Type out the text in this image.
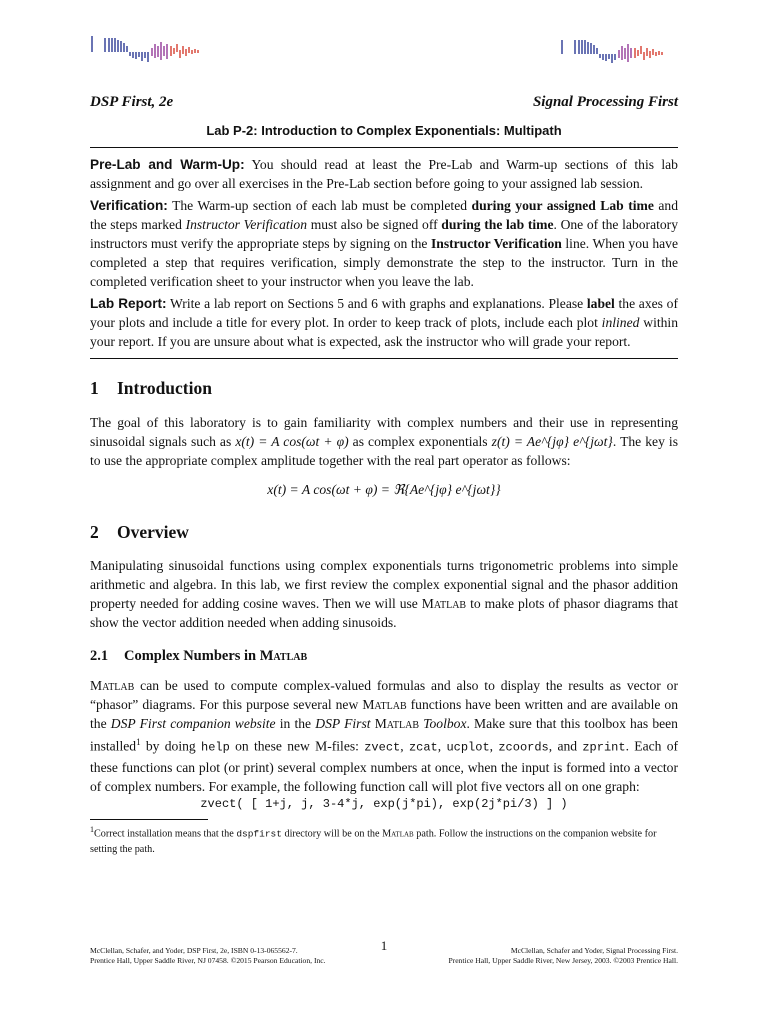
DSP First, 2e	Signal Processing First
Lab P-2: Introduction to Complex Exponentials: Multipath
Pre-Lab and Warm-Up: You should read at least the Pre-Lab and Warm-up sections of this lab assignment and go over all exercises in the Pre-Lab section before going to your assigned lab session.
Verification: The Warm-up section of each lab must be completed during your assigned Lab time and the steps marked Instructor Verification must also be signed off during the lab time. One of the laboratory instructors must verify the appropriate steps by signing on the Instructor Verification line. When you have completed a step that requires verification, simply demonstrate the step to the instructor. Turn in the completed verification sheet to your instructor when you leave the lab.
Lab Report: Write a lab report on Sections 5 and 6 with graphs and explanations. Please label the axes of your plots and include a title for every plot. In order to keep track of plots, include each plot inlined within your report. If you are unsure about what is expected, ask the instructor who will grade your report.
1 Introduction
The goal of this laboratory is to gain familiarity with complex numbers and their use in representing sinusoidal signals such as x(t) = A cos(ωt + φ) as complex exponentials z(t) = Ae^{jφ} e^{jωt}. The key is to use the appropriate complex amplitude together with the real part operator as follows:
x(t) = A cos(ωt + φ) = ℜ{Ae^{jφ} e^{jωt}}
2 Overview
Manipulating sinusoidal functions using complex exponentials turns trigonometric problems into simple arithmetic and algebra. In this lab, we first review the complex exponential signal and the phasor addition property needed for adding cosine waves. Then we will use Matlab to make plots of phasor diagrams that show the vector addition needed when adding sinusoids.
2.1 Complex Numbers in Matlab
Matlab can be used to compute complex-valued formulas and also to display the results as vector or “phasor” diagrams. For this purpose several new Matlab functions have been written and are available on the DSP First companion website in the DSP First Matlab Toolbox. Make sure that this toolbox has been installed$^1$ by doing help on these new M-files: zvect, zcat, ucplot, zcoords, and zprint. Each of these functions can plot (or print) several complex numbers at once, when the input is formed into a vector of complex numbers. For example, the following function call will plot five vectors all on one graph:
zvect( [ 1+j, j, 3-4*j, exp(j*pi), exp(2j*pi/3) ] )
$^1$Correct installation means that the dspfirst directory will be on the Matlab path. Follow the instructions on the companion website for setting the path.
McClellan, Schafer, and Yoder, DSP First, 2e, ISBN 0-13-065562-7.
Prentice Hall, Upper Saddle River, NJ 07458. ©2015 Pearson Education, Inc.
1	McClellan, Schafer and Yoder, Signal Processing First.
Prentice Hall, Upper Saddle River, New Jersey, 2003. ©2003 Prentice Hall.
